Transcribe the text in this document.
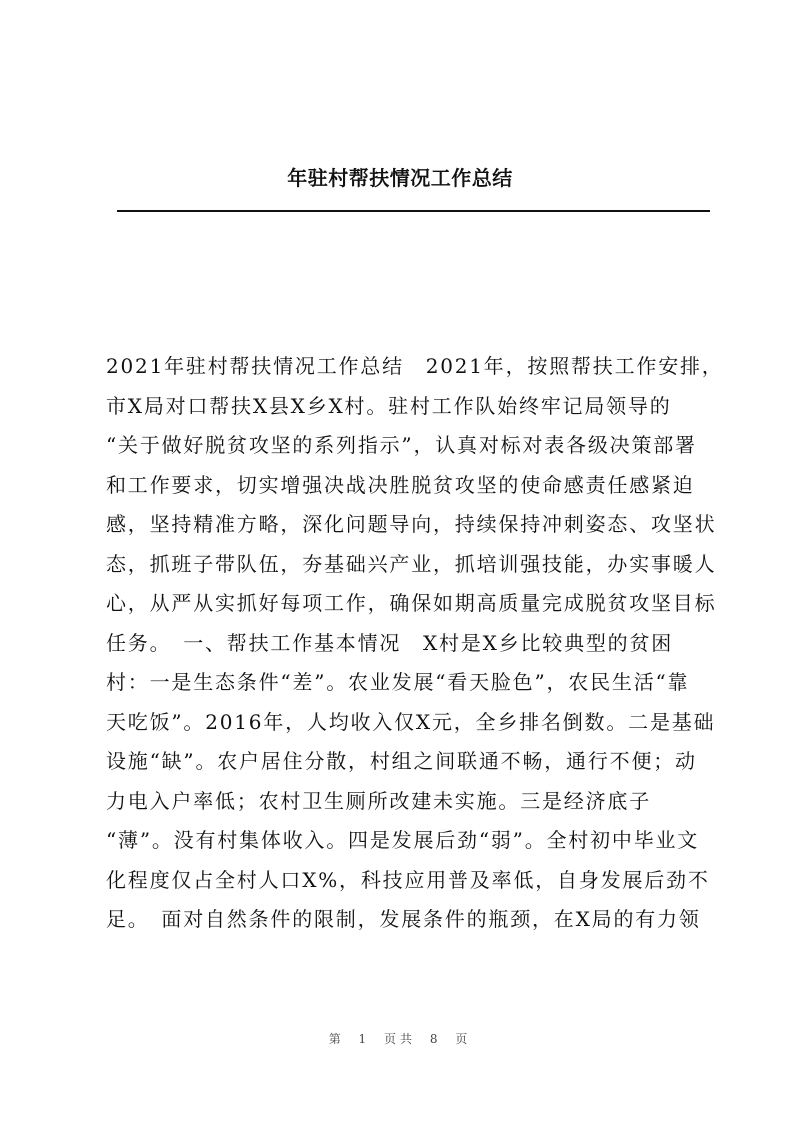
年驻村帮扶情况工作总结
2021年驻村帮扶情况工作总结　2021年，按照帮扶工作安排，
市X局对口帮扶X县X乡X村。驻村工作队始终牢记局领导的
“关于做好脱贫攻坚的系列指示”，认真对标对表各级决策部署
和工作要求，切实增强决战决胜脱贫攻坚的使命感责任感紧迫
感，坚持精准方略，深化问题导向，持续保持冲刺姿态、攻坚状
态，抓班子带队伍，夯基础兴产业，抓培训强技能，办实事暖人
心，从严从实抓好每项工作，确保如期高质量完成脱贫攻坚目标
任务。　一、帮扶工作基本情况　X村是X乡比较典型的贫困
村：一是生态条件“差”。农业发展“看天脸色”，农民生活“靠
天吃饭”。2016年，人均收入仅X元，全乡排名倒数。二是基础
设施“缺”。农户居住分散，村组之间联通不畅，通行不便；动
力电入户率低；农村卫生厕所改建未实施。三是经济底子
“薄”。没有村集体收入。四是发展后劲“弱”。全村初中毕业文
化程度仅占全村人口X%，科技应用普及率低，自身发展后劲不
足。　面对自然条件的限制，发展条件的瓶颈，在X局的有力领
第 1 页共 8 页
